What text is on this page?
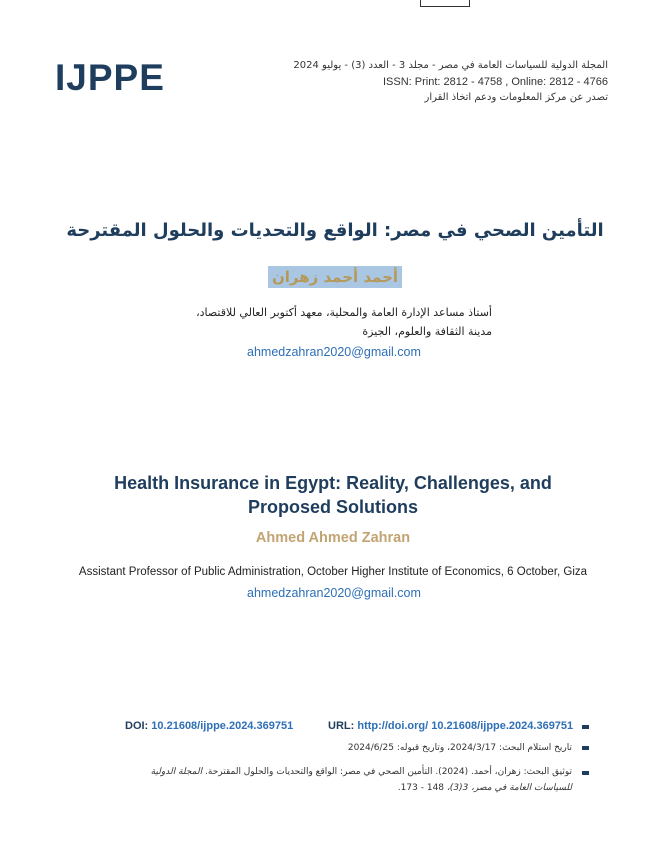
IJPPE	المجلة الدولية للسياسات العامة في مصر - مجلد 3 - العدد (3) - يوليو 2024
ISSN: Print: 2812 - 4758 , Online: 2812 - 4766
تصدر عن مركز المعلومات ودعم اتخاذ القرار
التأمين الصحي في مصر: الواقع والتحديات والحلول المقترحة
أحمد أحمد زهران
أستاذ مساعد الإدارة العامة والمحلية، معهد أكتوبر العالي للاقتصاد،
مدينة الثقافة والعلوم، الجيزة
ahmedzahran2020@gmail.com
Health Insurance in Egypt: Reality, Challenges, and Proposed Solutions
Ahmed Ahmed Zahran
Assistant Professor of Public Administration, October Higher Institute of Economics, 6 October, Giza
ahmedzahran2020@gmail.com
DOI: 10.21608/ijppe.2024.369751	URL: http://doi.org/ 10.21608/ijppe.2024.369751
تاريخ استلام البحث: 2024/3/17، وتاريخ قبوله: 2024/6/25
توثيق البحث: زهران، أحمد. (2024). التأمين الصحي في مصر: الواقع والتحديات والحلول المقترحة. المجلة الدولية
للسياسات العامة في مصر، 3(3)، 148 - 173.
